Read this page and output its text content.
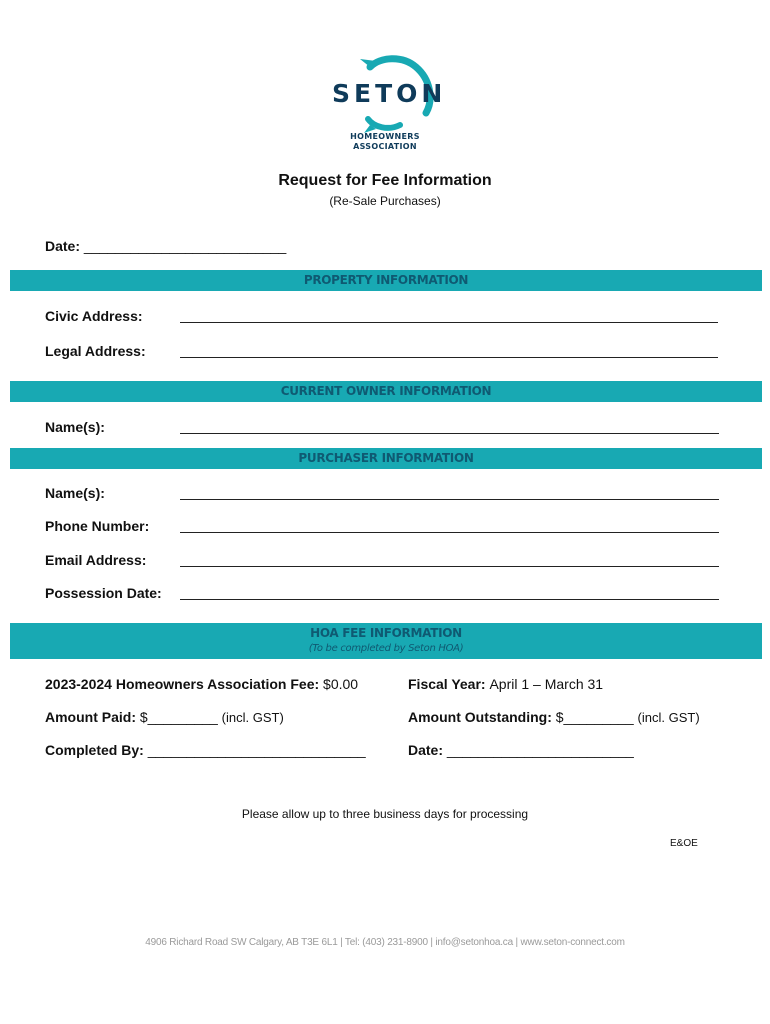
SETON
HOMEOWNERS
ASSOCIATION
Request for Fee Information
(Re-Sale Purchases)
Date: __________________________
PROPERTY INFORMATION
Civic Address:
Legal Address:
CURRENT OWNER INFORMATION
Name(s):
PURCHASER INFORMATION
Name(s):
Phone Number:
Email Address:
Possession Date:
HOA FEE INFORMATION
(To be completed by Seton HOA)
2023-2024 Homeowners Association Fee: $0.00	Fiscal Year: April 1 – March 31
Amount Paid: $_________ (incl. GST)	Amount Outstanding: $_________ (incl. GST)
Completed By: ____________________________	Date: ________________________
Please allow up to three business days for processing
E&OE
4906 Richard Road SW Calgary, AB T3E 6L1 | Tel: (403) 231-8900 | info@setonhoa.ca | www.seton-connect.com
